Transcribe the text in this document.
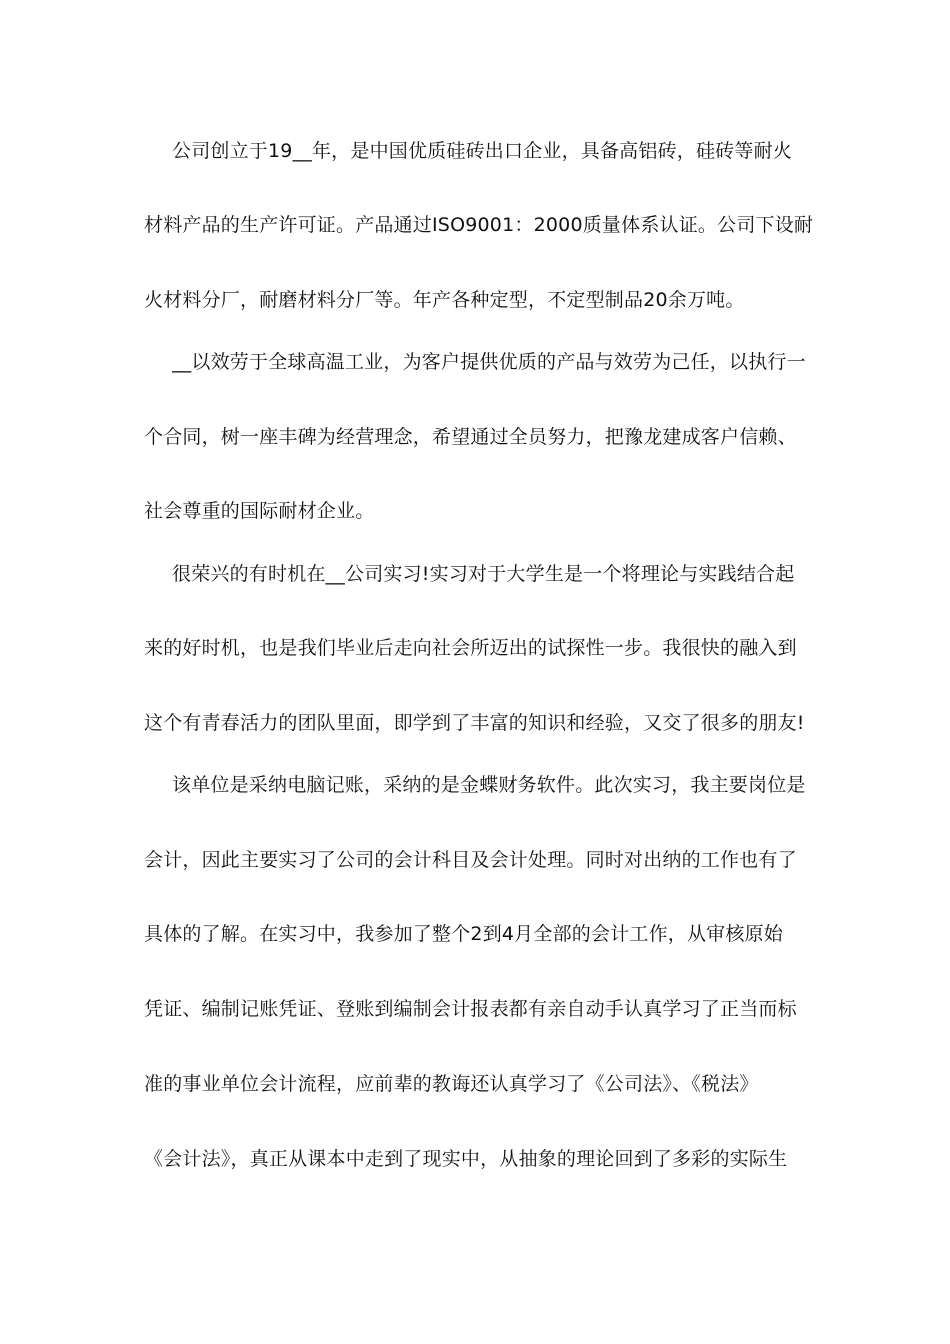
公司创立于19__年，是中国优质硅砖出口企业，具备高铝砖，硅砖等耐火
材料产品的生产许可证。产品通过ISO9001：2000质量体系认证。公司下设耐
火材料分厂，耐磨材料分厂等。年产各种定型，不定型制品20余万吨。
__以效劳于全球高温工业，为客户提供优质的产品与效劳为己任，以执行一
个合同，树一座丰碑为经营理念，希望通过全员努力，把豫龙建成客户信赖、
社会尊重的国际耐材企业。
很荣兴的有时机在__公司实习!实习对于大学生是一个将理论与实践结合起
来的好时机，也是我们毕业后走向社会所迈出的试探性一步。我很快的融入到
这个有青春活力的团队里面，即学到了丰富的知识和经验，又交了很多的朋友!
该单位是采纳电脑记账，采纳的是金蝶财务软件。此次实习，我主要岗位是
会计，因此主要实习了公司的会计科目及会计处理。同时对出纳的工作也有了
具体的了解。在实习中，我参加了整个2到4月全部的会计工作，从审核原始
凭证、编制记账凭证、登账到编制会计报表都有亲自动手认真学习了正当而标
准的事业单位会计流程，应前辈的教诲还认真学习了《公司法》、《税法》
《会计法》，真正从课本中走到了现实中，从抽象的理论回到了多彩的实际生
